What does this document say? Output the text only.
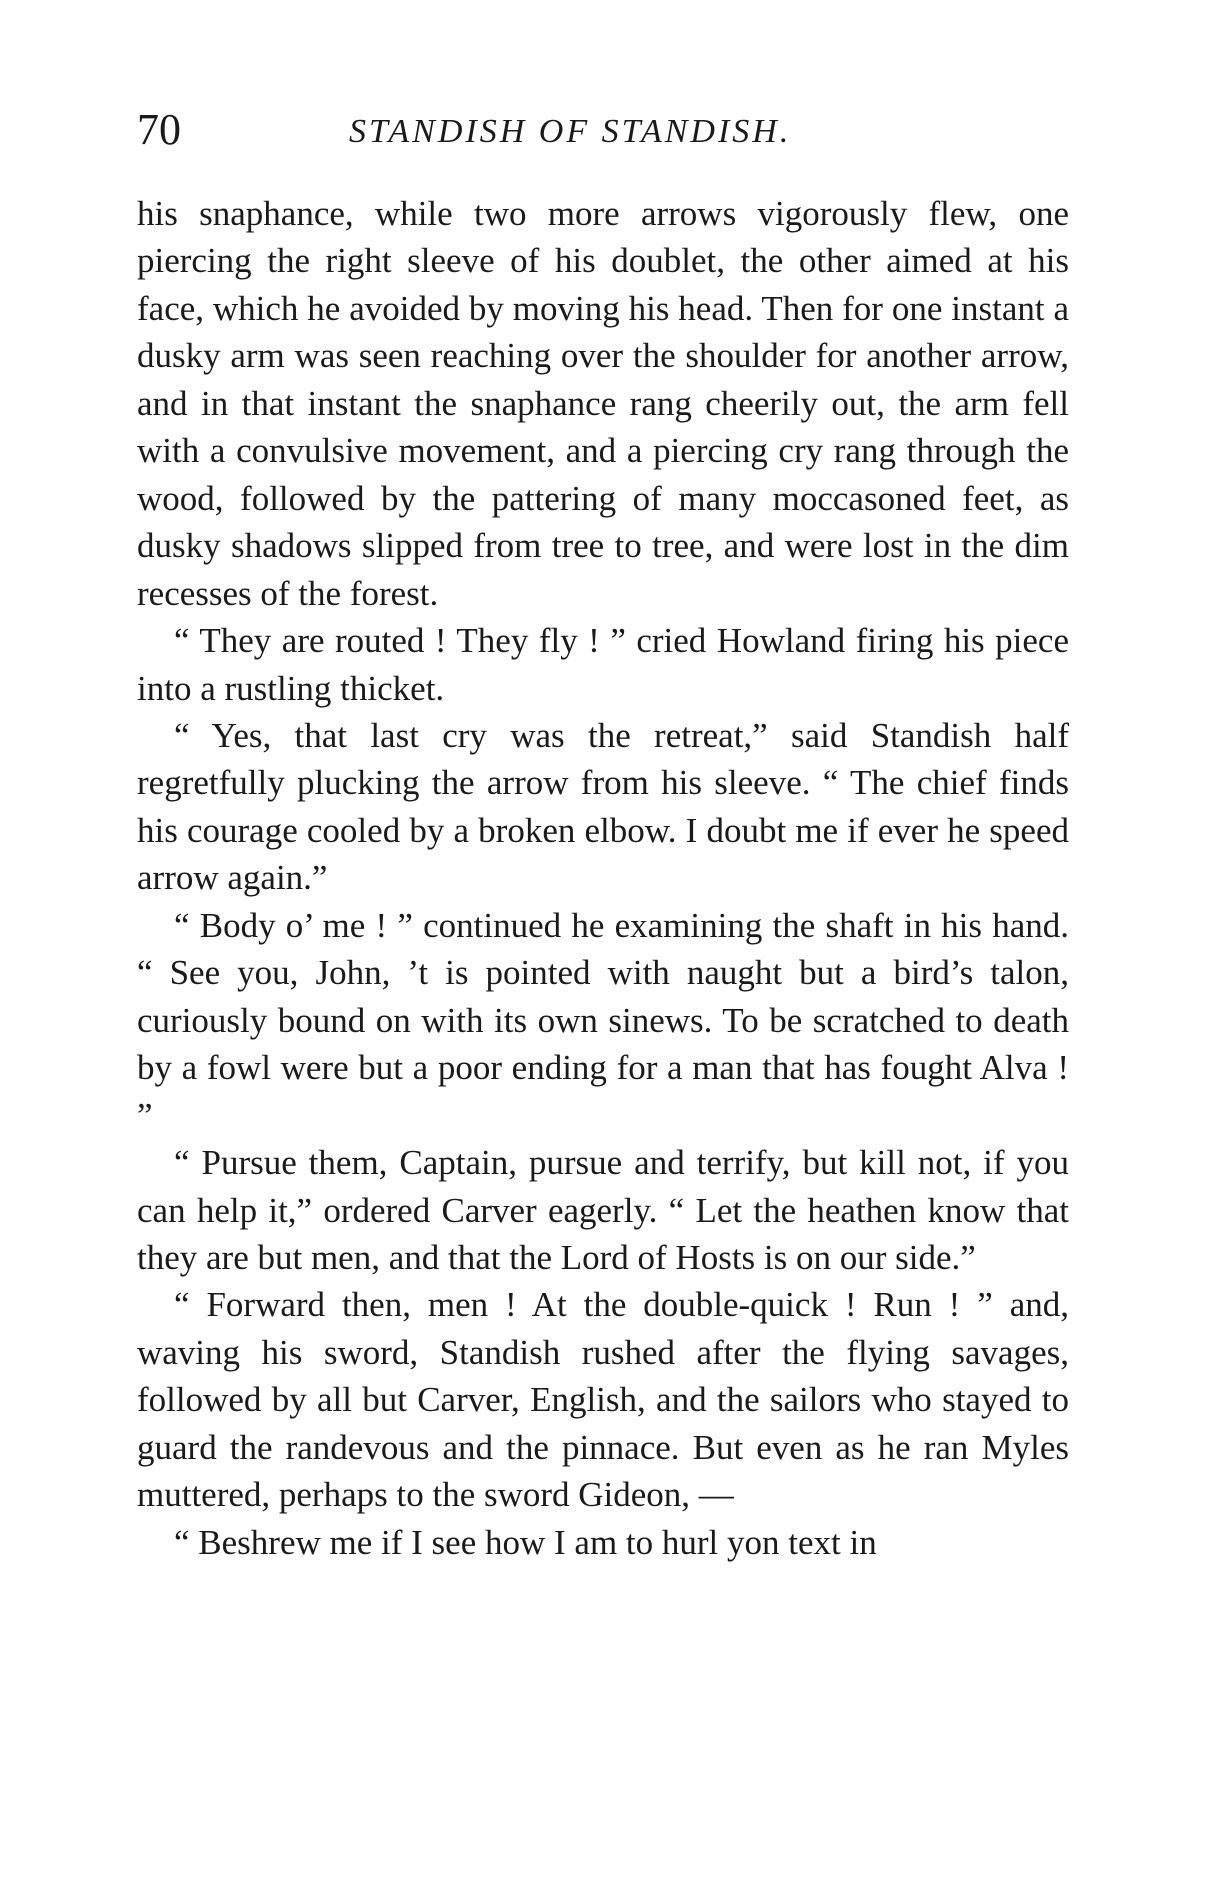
70	STANDISH OF STANDISH.

his snaphance, while two more arrows vigorously flew, one piercing the right sleeve of his doublet, the other aimed at his face, which he avoided by moving his head. Then for one instant a dusky arm was seen reaching over the shoulder for another arrow, and in that instant the snaphance rang cheerily out, the arm fell with a convulsive movement, and a piercing cry rang through the wood, followed by the pattering of many moccasoned feet, as dusky shadows slipped from tree to tree, and were lost in the dim recesses of the forest.

“ They are routed ! They fly ! ” cried Howland firing his piece into a rustling thicket.

“ Yes, that last cry was the retreat,” said Standish half regretfully plucking the arrow from his sleeve. “ The chief finds his courage cooled by a broken elbow. I doubt me if ever he speed arrow again.”

“ Body o’ me ! ” continued he examining the shaft in his hand. “ See you, John, ’t is pointed with naught but a bird’s talon, curiously bound on with its own sinews. To be scratched to death by a fowl were but a poor ending for a man that has fought Alva ! ”

“ Pursue them, Captain, pursue and terrify, but kill not, if you can help it,” ordered Carver eagerly. “ Let the heathen know that they are but men, and that the Lord of Hosts is on our side.”

“ Forward then, men ! At the double-quick ! Run ! ” and, waving his sword, Standish rushed after the flying savages, followed by all but Carver, English, and the sailors who stayed to guard the randevous and the pinnace. But even as he ran Myles muttered, perhaps to the sword Gideon, —

“ Beshrew me if I see how I am to hurl yon text in
